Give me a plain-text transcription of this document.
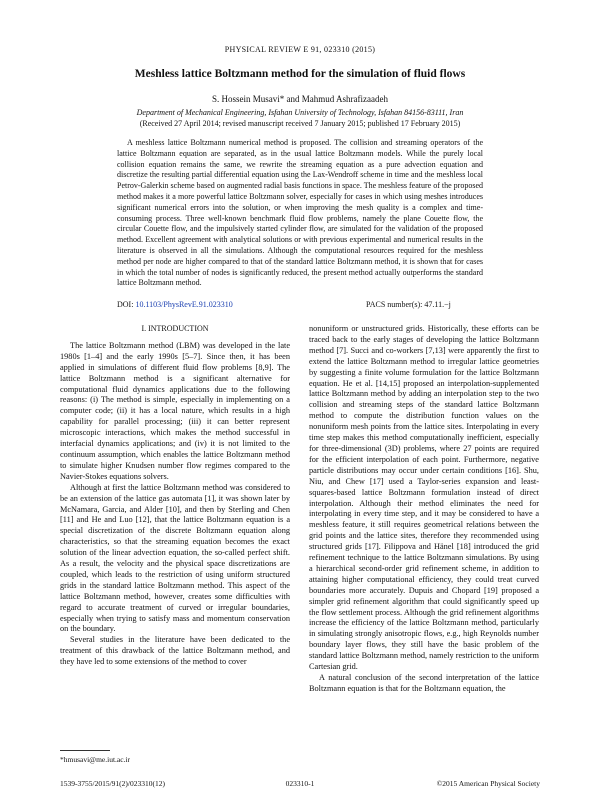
PHYSICAL REVIEW E 91, 023310 (2015)
Meshless lattice Boltzmann method for the simulation of fluid flows
S. Hossein Musavi* and Mahmud Ashrafizaadeh
Department of Mechanical Engineering, Isfahan University of Technology, Isfahan 84156-83111, Iran
(Received 27 April 2014; revised manuscript received 7 January 2015; published 17 February 2015)

A meshless lattice Boltzmann numerical method is proposed. The collision and streaming operators of the lattice Boltzmann equation are separated, as in the usual lattice Boltzmann models. While the purely local collision equation remains the same, we rewrite the streaming equation as a pure advection equation and discretize the resulting partial differential equation using the Lax-Wendroff scheme in time and the meshless local Petrov-Galerkin scheme based on augmented radial basis functions in space. The meshless feature of the proposed method makes it a more powerful lattice Boltzmann solver, especially for cases in which using meshes introduces significant numerical errors into the solution, or when improving the mesh quality is a complex and time-consuming process. Three well-known benchmark fluid flow problems, namely the plane Couette flow, the circular Couette flow, and the impulsively started cylinder flow, are simulated for the validation of the proposed method. Excellent agreement with analytical solutions or with previous experimental and numerical results in the literature is observed in all the simulations. Although the computational resources required for the meshless method per node are higher compared to that of the standard lattice Boltzmann method, it is shown that for cases in which the total number of nodes is significantly reduced, the present method actually outperforms the standard lattice Boltzmann method.

DOI: 10.1103/PhysRevE.91.023310	PACS number(s): 47.11.−j

I. INTRODUCTION

The lattice Boltzmann method (LBM) was developed in the late 1980s [1–4] and the early 1990s [5–7]. Since then, it has been applied in simulations of different fluid flow problems [8,9]. The lattice Boltzmann method is a significant alternative for computational fluid dynamics applications due to the following reasons: (i) The method is simple, especially in implementing on a computer code; (ii) it has a local nature, which results in a high capability for parallel processing; (iii) it can better represent microscopic interactions, which makes the method successful in interfacial dynamics applications; and (iv) it is not limited to the continuum assumption, which enables the lattice Boltzmann method to simulate higher Knudsen number flow regimes compared to the Navier-Stokes equations solvers.

Although at first the lattice Boltzmann method was considered to be an extension of the lattice gas automata [1], it was shown later by McNamara, Garcia, and Alder [10], and then by Sterling and Chen [11] and He and Luo [12], that the lattice Boltzmann equation is a special discretization of the discrete Boltzmann equation along characteristics, so that the streaming equation becomes the exact solution of the linear advection equation, the so-called perfect shift. As a result, the velocity and the physical space discretizations are coupled, which leads to the restriction of using uniform structured grids in the standard lattice Boltzmann method. This aspect of the lattice Boltzmann method, however, creates some difficulties with regard to accurate treatment of curved or irregular boundaries, especially when trying to satisfy mass and momentum conservation on the boundary.

Several studies in the literature have been dedicated to the treatment of this drawback of the lattice Boltzmann method, and they have led to some extensions of the method to cover

nonuniform or unstructured grids. Historically, these efforts can be traced back to the early stages of developing the lattice Boltzmann method [7]. Succi and co-workers [7,13] were apparently the first to extend the lattice Boltzmann method to irregular lattice geometries by suggesting a finite volume formulation for the lattice Boltzmann equation. He et al. [14,15] proposed an interpolation-supplemented lattice Boltzmann method by adding an interpolation step to the two collision and streaming steps of the standard lattice Boltzmann method to compute the distribution function values on the nonuniform mesh points from the lattice sites. Interpolating in every time step makes this method computationally inefficient, especially for three-dimensional (3D) problems, where 27 points are required for the efficient interpolation of each point. Furthermore, negative particle distributions may occur under certain conditions [16]. Shu, Niu, and Chew [17] used a Taylor-series expansion and least-squares-based lattice Boltzmann formulation instead of direct interpolation. Although their method eliminates the need for interpolating in every time step, and it may be considered to have a meshless feature, it still requires geometrical relations between the grid points and the lattice sites, therefore they recommended using structured grids [17]. Filippova and Hänel [18] introduced the grid refinement technique to the lattice Boltzmann simulations. By using a hierarchical second-order grid refinement scheme, in addition to attaining higher computational efficiency, they could treat curved boundaries more accurately. Dupuis and Chopard [19] proposed a simpler grid refinement algorithm that could significantly speed up the flow settlement process. Although the grid refinement algorithms increase the efficiency of the lattice Boltzmann method, particularly in simulating strongly anisotropic flows, e.g., high Reynolds number boundary layer flows, they still have the basic problem of the standard lattice Boltzmann method, namely restriction to the uniform Cartesian grid.

A natural conclusion of the second interpretation of the lattice Boltzmann equation is that for the Boltzmann equation, the

*hmusavi@me.iut.ac.ir
1539-3755/2015/91(2)/023310(12)	023310-1	©2015 American Physical Society
